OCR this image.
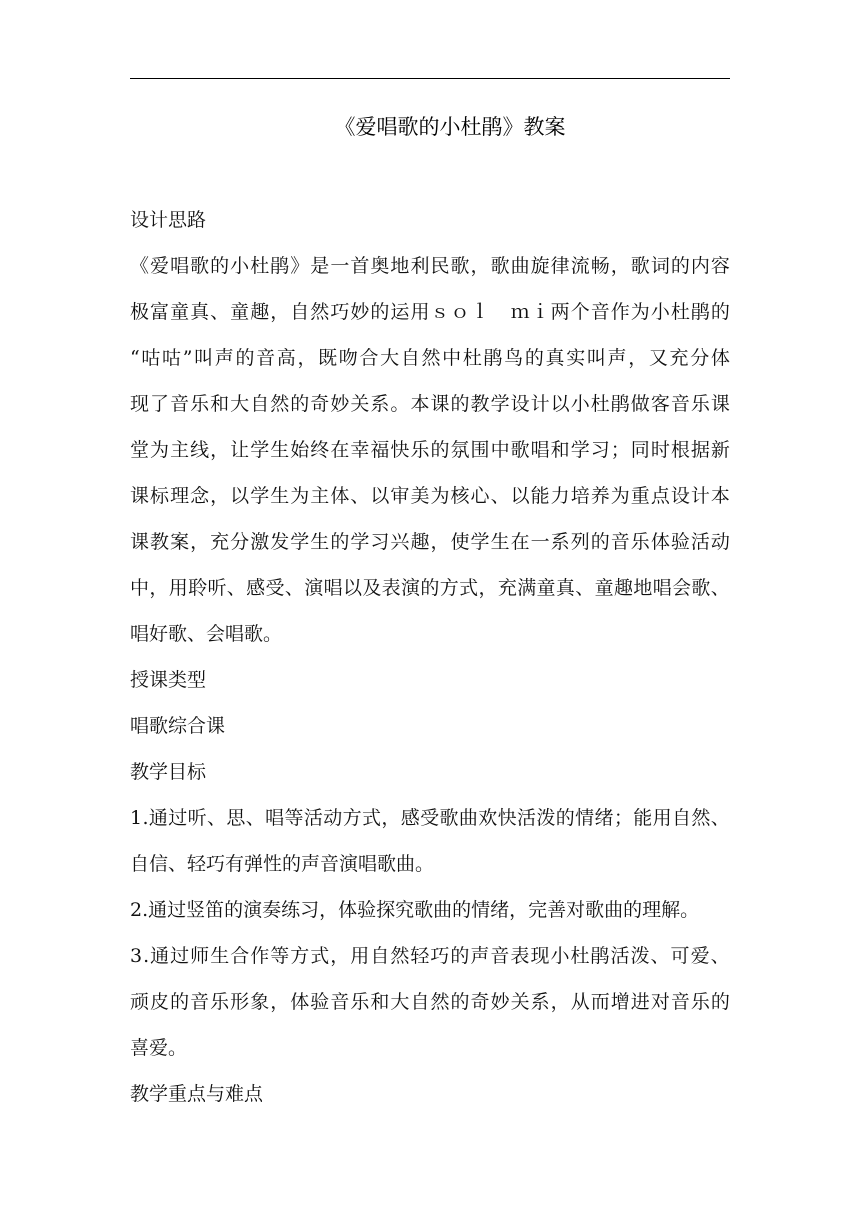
《爱唱歌的小杜鹃》教案
设计思路
《 爱 唱 歌 的 小 杜 鹃 》 是 一 首 奥 地 利 民 歌 ， 歌 曲 旋 律 流 畅 ， 歌 词 的 内 容
极 富 童 真 、 童 趣 ， 自 然 巧 妙 的 运 用 ｓ ｏ ｌ
　 ｍ ｉ 两 个 音 作 为 小 杜 鹃 的
“ 咕 咕 ” 叫 声 的 音 高 ， 既 吻 合 大 自 然 中 杜 鹃 鸟 的 真 实 叫 声 ， 又 充 分 体
现 了 音 乐 和 大 自 然 的 奇 妙 关 系 。 本 课 的 教 学 设 计 以 小 杜 鹃 做 客 音 乐 课
堂 为 主 线 ， 让 学 生 始 终 在 幸 福 快 乐 的 氛 围 中 歌 唱 和 学 习 ； 同 时 根 据 新
课 标 理 念 ， 以 学 生 为 主 体 、 以 审 美 为 核 心 、 以 能 力 培 养 为 重 点 设 计 本
课 教 案 ， 充 分 激 发 学 生 的 学 习 兴 趣 ， 使 学 生 在 一 系 列 的 音 乐 体 验 活 动
中 ， 用 聆 听 、 感 受 、 演 唱 以 及 表 演 的 方 式 ， 充 满 童 真 、 童 趣 地 唱 会 歌 、
唱好歌、会唱歌。
授课类型
唱歌综合课
教学目标
1 . 通 过 听 、 思 、 唱 等 活 动 方 式 ， 感 受 歌 曲 欢 快 活 泼 的 情 绪 ； 能 用 自 然 、
自信、轻巧有弹性的声音演唱歌曲。
2.通过竖笛的演奏练习，体验探究歌曲的情绪，完善对歌曲的理解。
3 . 通 过 师 生 合 作 等 方 式 ， 用 自 然 轻 巧 的 声 音 表 现 小 杜 鹃 活 泼 、 可 爱 、
顽 皮 的 音 乐 形 象 ， 体 验 音 乐 和 大 自 然 的 奇 妙 关 系 ， 从 而 增 进 对 音 乐 的
喜爱。
教学重点与难点
